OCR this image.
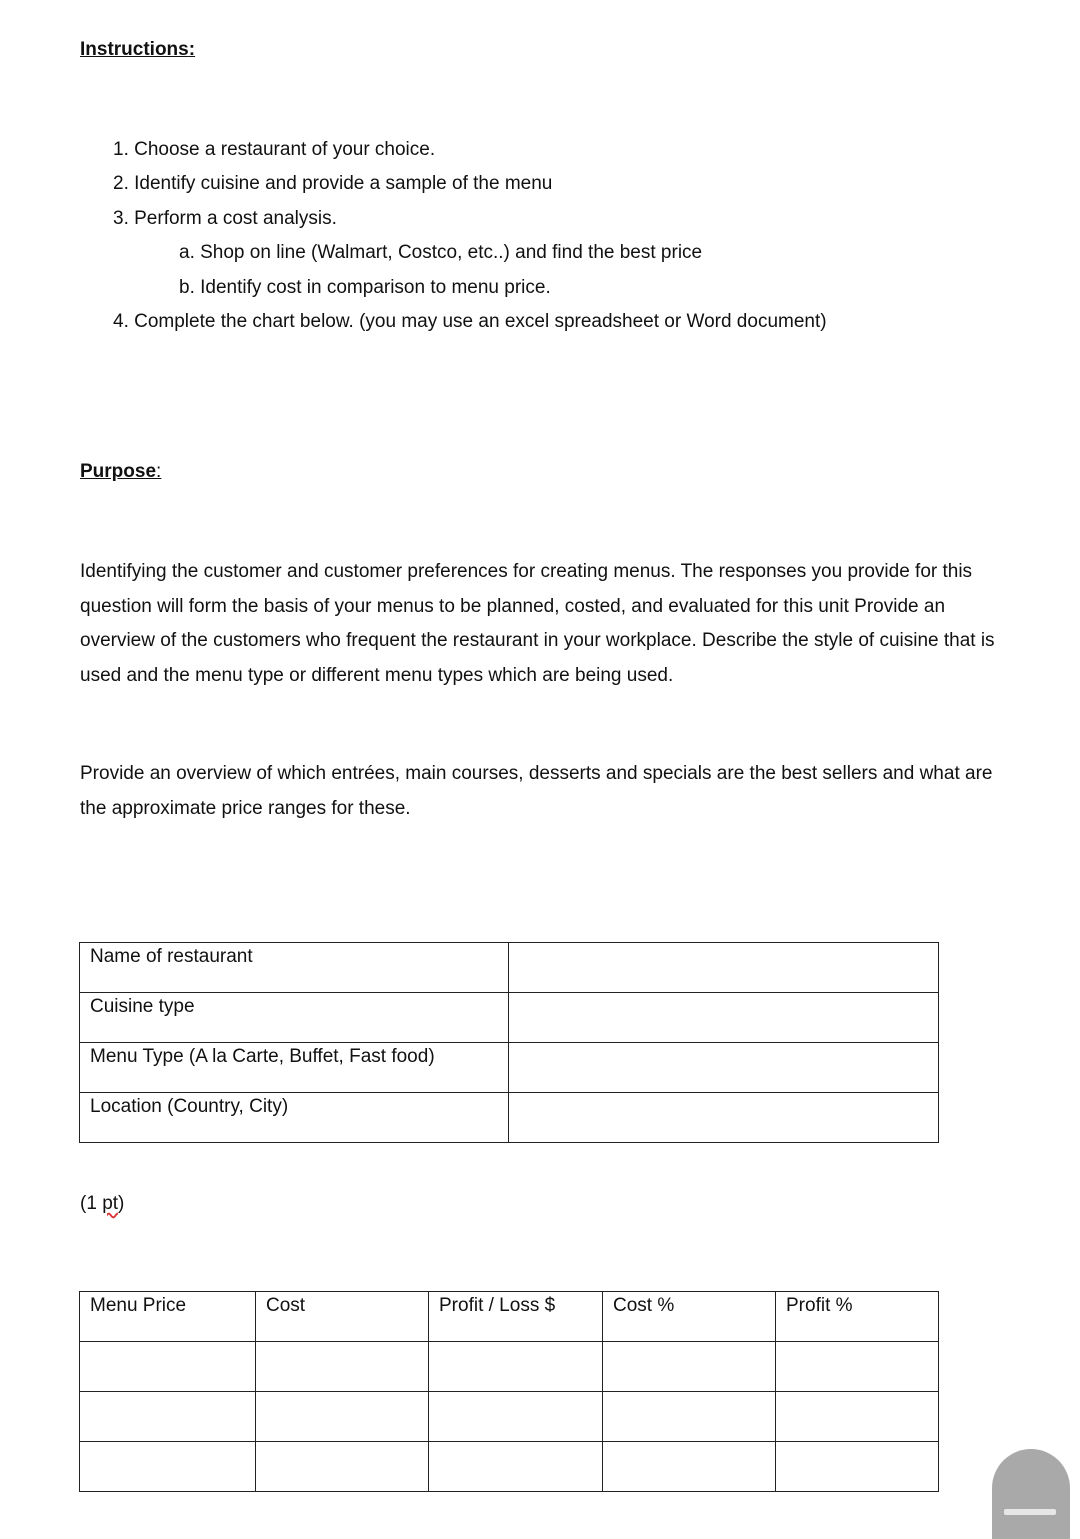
Instructions:
1. Choose a restaurant of your choice.
2. Identify cuisine and provide a sample of the menu
3. Perform a cost analysis.
a. Shop on line (Walmart, Costco, etc..) and find the best price
b. Identify cost in comparison to menu price.
4. Complete the chart below. (you may use an excel spreadsheet or Word document)
Purpose:

Identifying the customer and customer preferences for creating menus. The responses you provide for this question will form the basis of your menus to be planned, costed, and evaluated for this unit Provide an overview of the customers who frequent the restaurant in your workplace. Describe the style of cuisine that is used and the menu type or different menu types which are being used.

Provide an overview of which entrées, main courses, desserts and specials are the best sellers and what are the approximate price ranges for these.

Name of restaurant	
Cuisine type	
Menu Type (A la Carte, Buffet, Fast food)	
Location (Country, City)	
(1 pt)
Menu Price	Cost	Profit / Loss $	Cost %	Profit %
